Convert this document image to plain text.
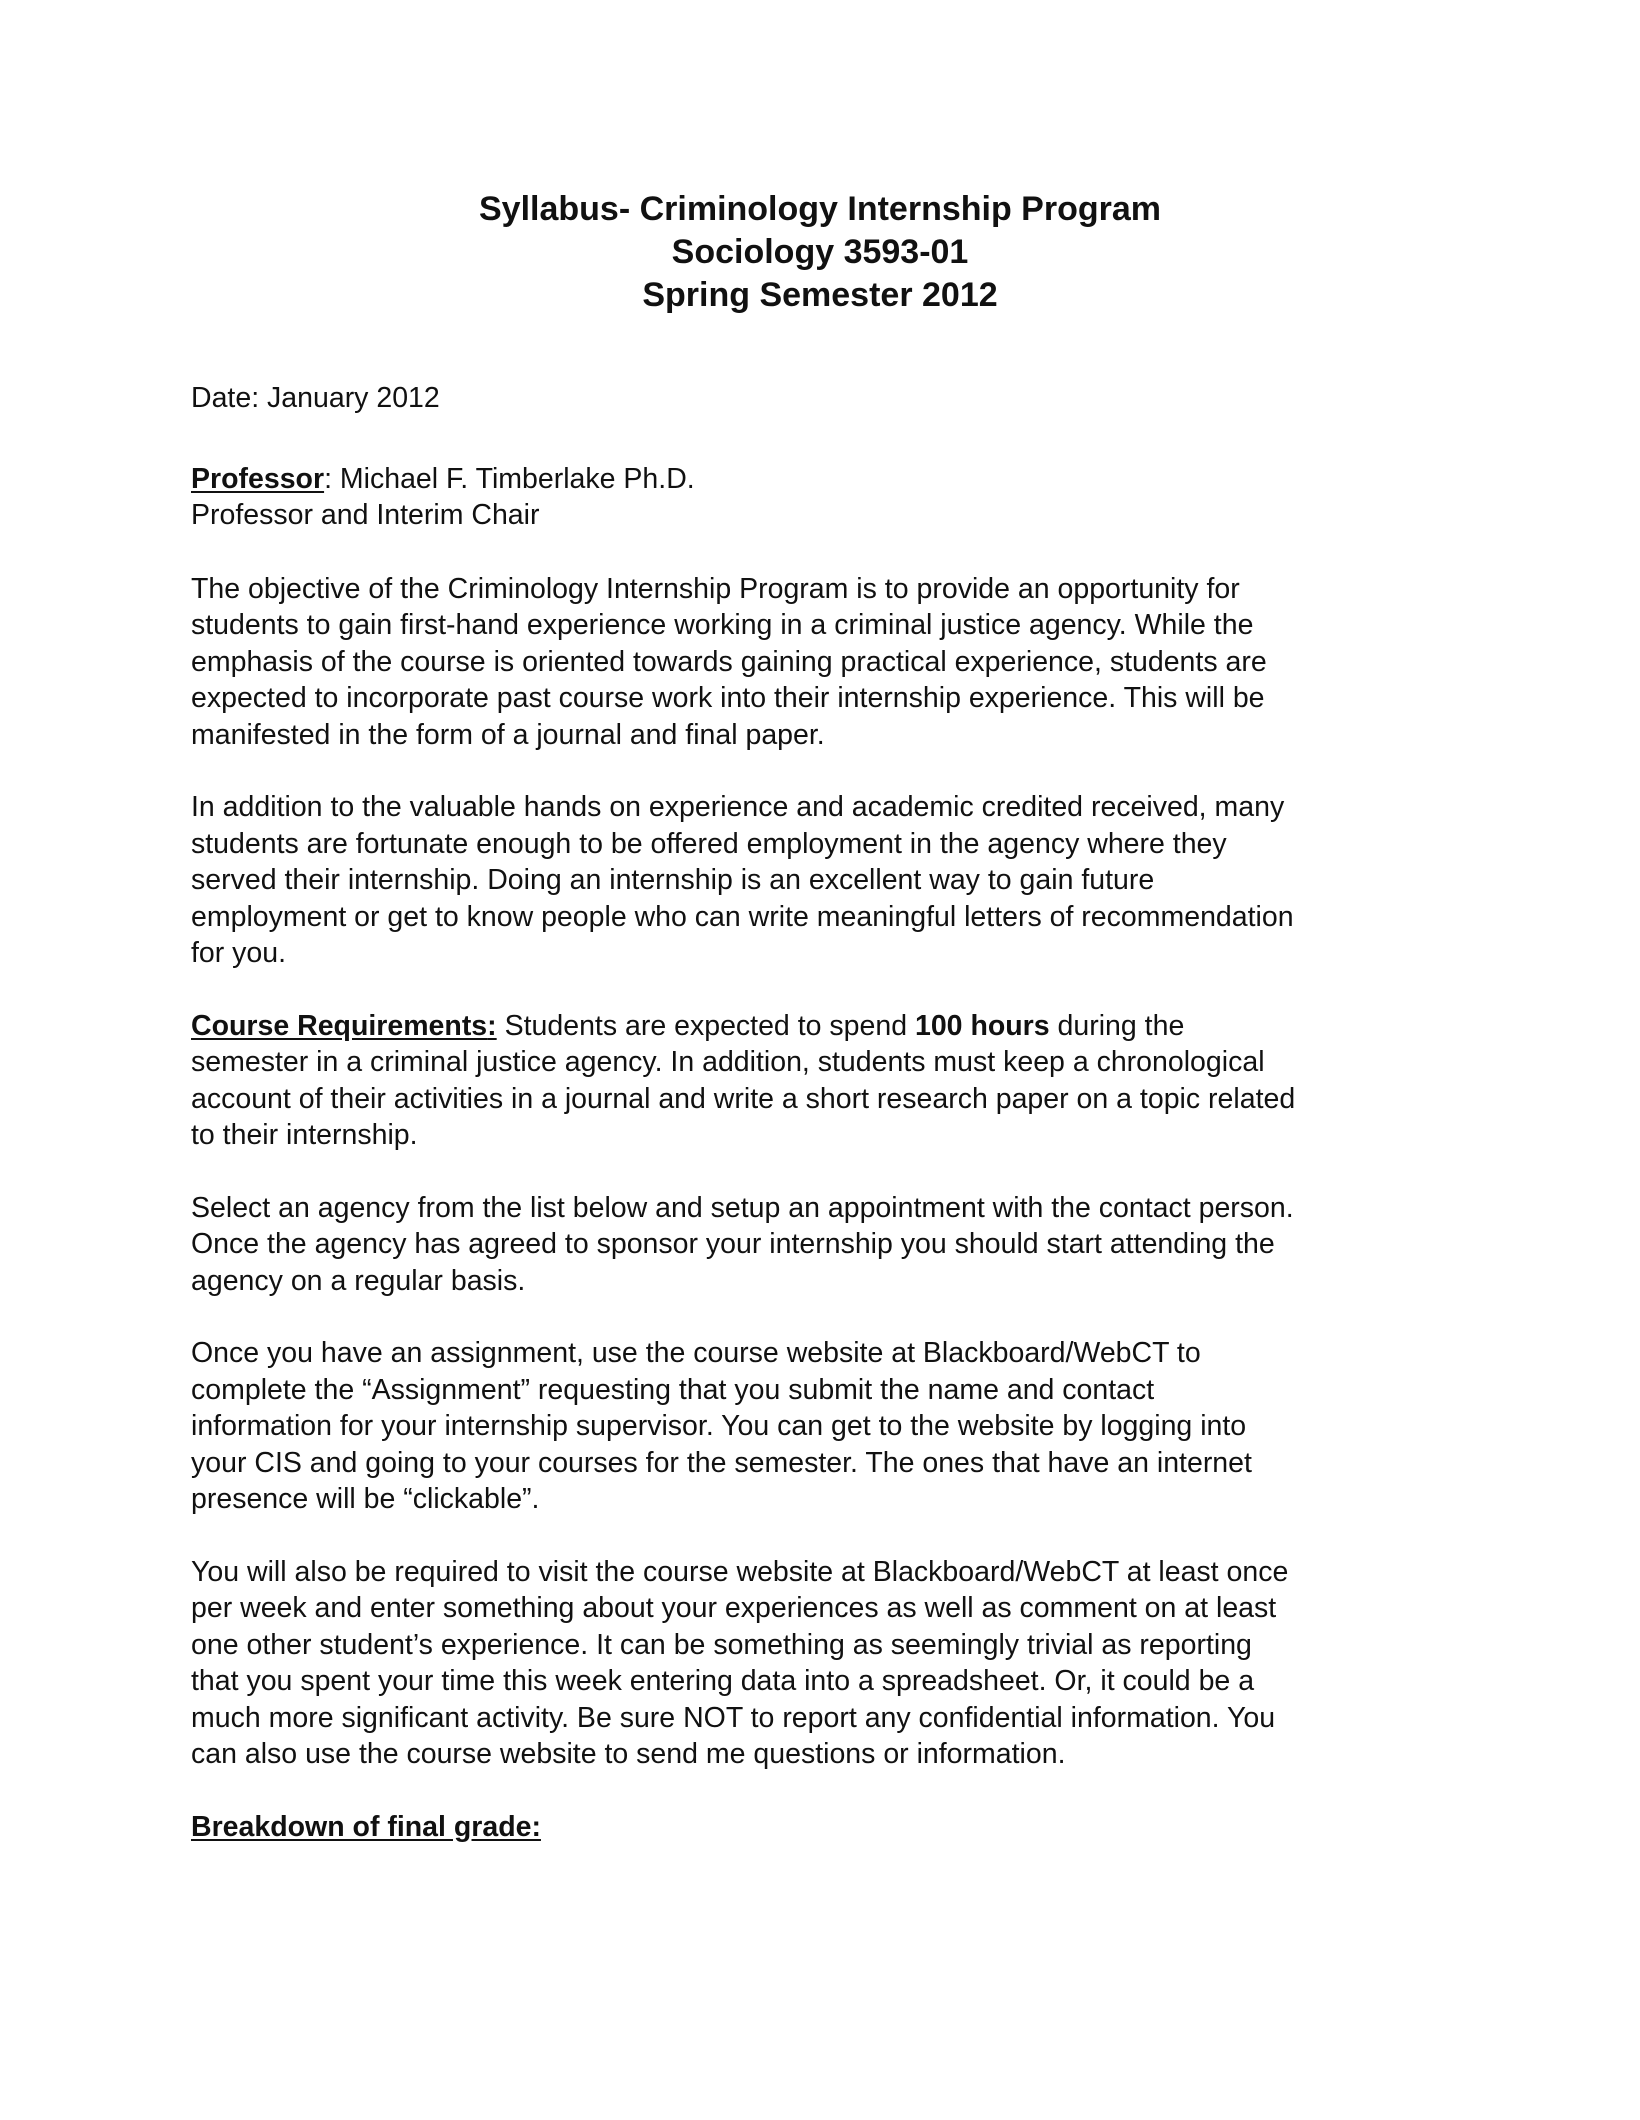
Syllabus- Criminology Internship Program
Sociology 3593-01
Spring Semester 2012
Date: January 2012
Professor: Michael F. Timberlake Ph.D.
Professor and Interim Chair

The objective of the Criminology Internship Program is to provide an opportunity for
students to gain first-hand experience working in a criminal justice agency. While the
emphasis of the course is oriented towards gaining practical experience, students are
expected to incorporate past course work into their internship experience. This will be
manifested in the form of a journal and final paper.

In addition to the valuable hands on experience and academic credited received, many
students are fortunate enough to be offered employment in the agency where they
served their internship. Doing an internship is an excellent way to gain future
employment or get to know people who can write meaningful letters of recommendation
for you.

Course Requirements: Students are expected to spend 100 hours during the
semester in a criminal justice agency. In addition, students must keep a chronological
account of their activities in a journal and write a short research paper on a topic related
to their internship.

Select an agency from the list below and setup an appointment with the contact person.
Once the agency has agreed to sponsor your internship you should start attending the
agency on a regular basis.

Once you have an assignment, use the course website at Blackboard/WebCT to
complete the “Assignment” requesting that you submit the name and contact
information for your internship supervisor. You can get to the website by logging into
your CIS and going to your courses for the semester. The ones that have an internet
presence will be “clickable”.

You will also be required to visit the course website at Blackboard/WebCT at least once
per week and enter something about your experiences as well as comment on at least
one other student’s experience. It can be something as seemingly trivial as reporting
that you spent your time this week entering data into a spreadsheet. Or, it could be a
much more significant activity. Be sure NOT to report any confidential information. You
can also use the course website to send me questions or information.

Breakdown of final grade:
